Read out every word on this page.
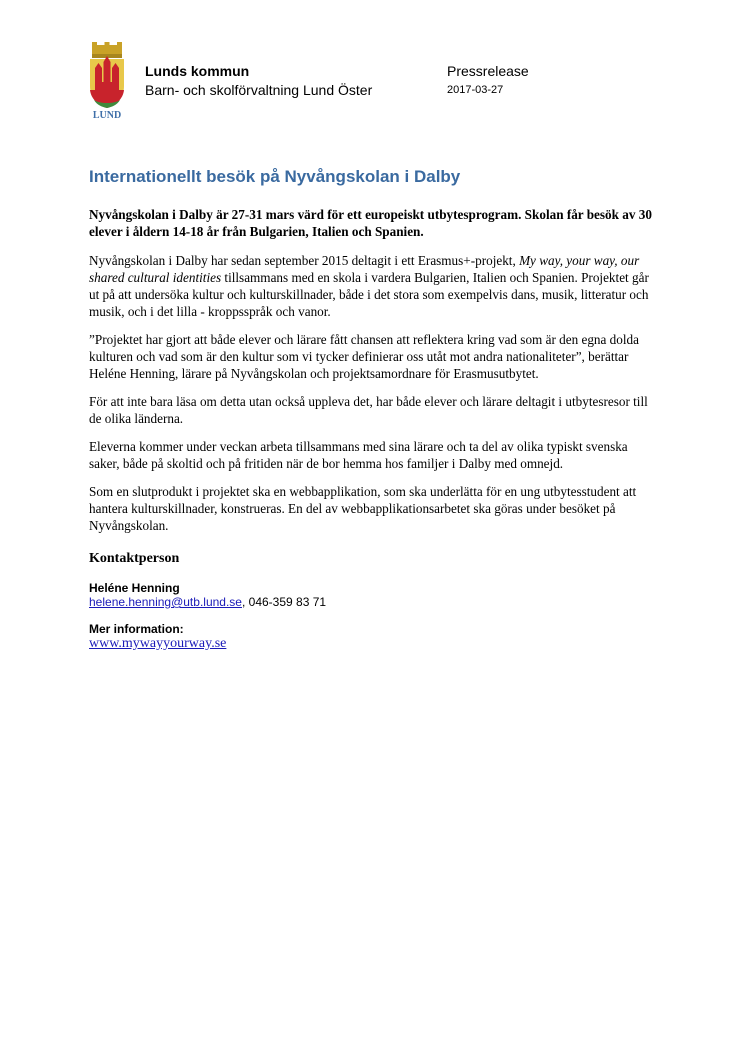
LUND
Lunds kommun
Barn- och skolförvaltning Lund Öster
Pressrelease
2017-03-27
Internationellt besök på Nyvångskolan i Dalby

Nyvångskolan i Dalby är 27-31 mars värd för ett europeiskt utbytesprogram. Skolan får besök av 30 elever i åldern 14-18 år från Bulgarien, Italien och Spanien.

Nyvångskolan i Dalby har sedan september 2015 deltagit i ett Erasmus+-projekt, My way, your way, our shared cultural identities tillsammans med en skola i vardera Bulgarien, Italien och Spanien. Projektet går ut på att undersöka kultur och kulturskillnader, både i det stora som exempelvis dans, musik, litteratur och musik, och i det lilla - kroppsspråk och vanor.

”Projektet har gjort att både elever och lärare fått chansen att reflektera kring vad som är den egna dolda kulturen och vad som är den kultur som vi tycker definierar oss utåt mot andra nationaliteter”, berättar Heléne Henning, lärare på Nyvångskolan och projektsamordnare för Erasmusutbytet.

För att inte bara läsa om detta utan också uppleva det, har både elever och lärare deltagit i utbytesresor till de olika länderna.

Eleverna kommer under veckan arbeta tillsammans med sina lärare och ta del av olika typiskt svenska saker, både på skoltid och på fritiden när de bor hemma hos familjer i Dalby med omnejd.

Som en slutprodukt i projektet ska en webbapplikation, som ska underlätta för en ung utbytesstudent att hantera kulturskillnader, konstrueras. En del av webbapplikationsarbetet ska göras under besöket på Nyvångskolan.

Kontaktperson
Heléne Henning
helene.henning@utb.lund.se, 046-359 83 71
Mer information:
www.mywayyourway.se
